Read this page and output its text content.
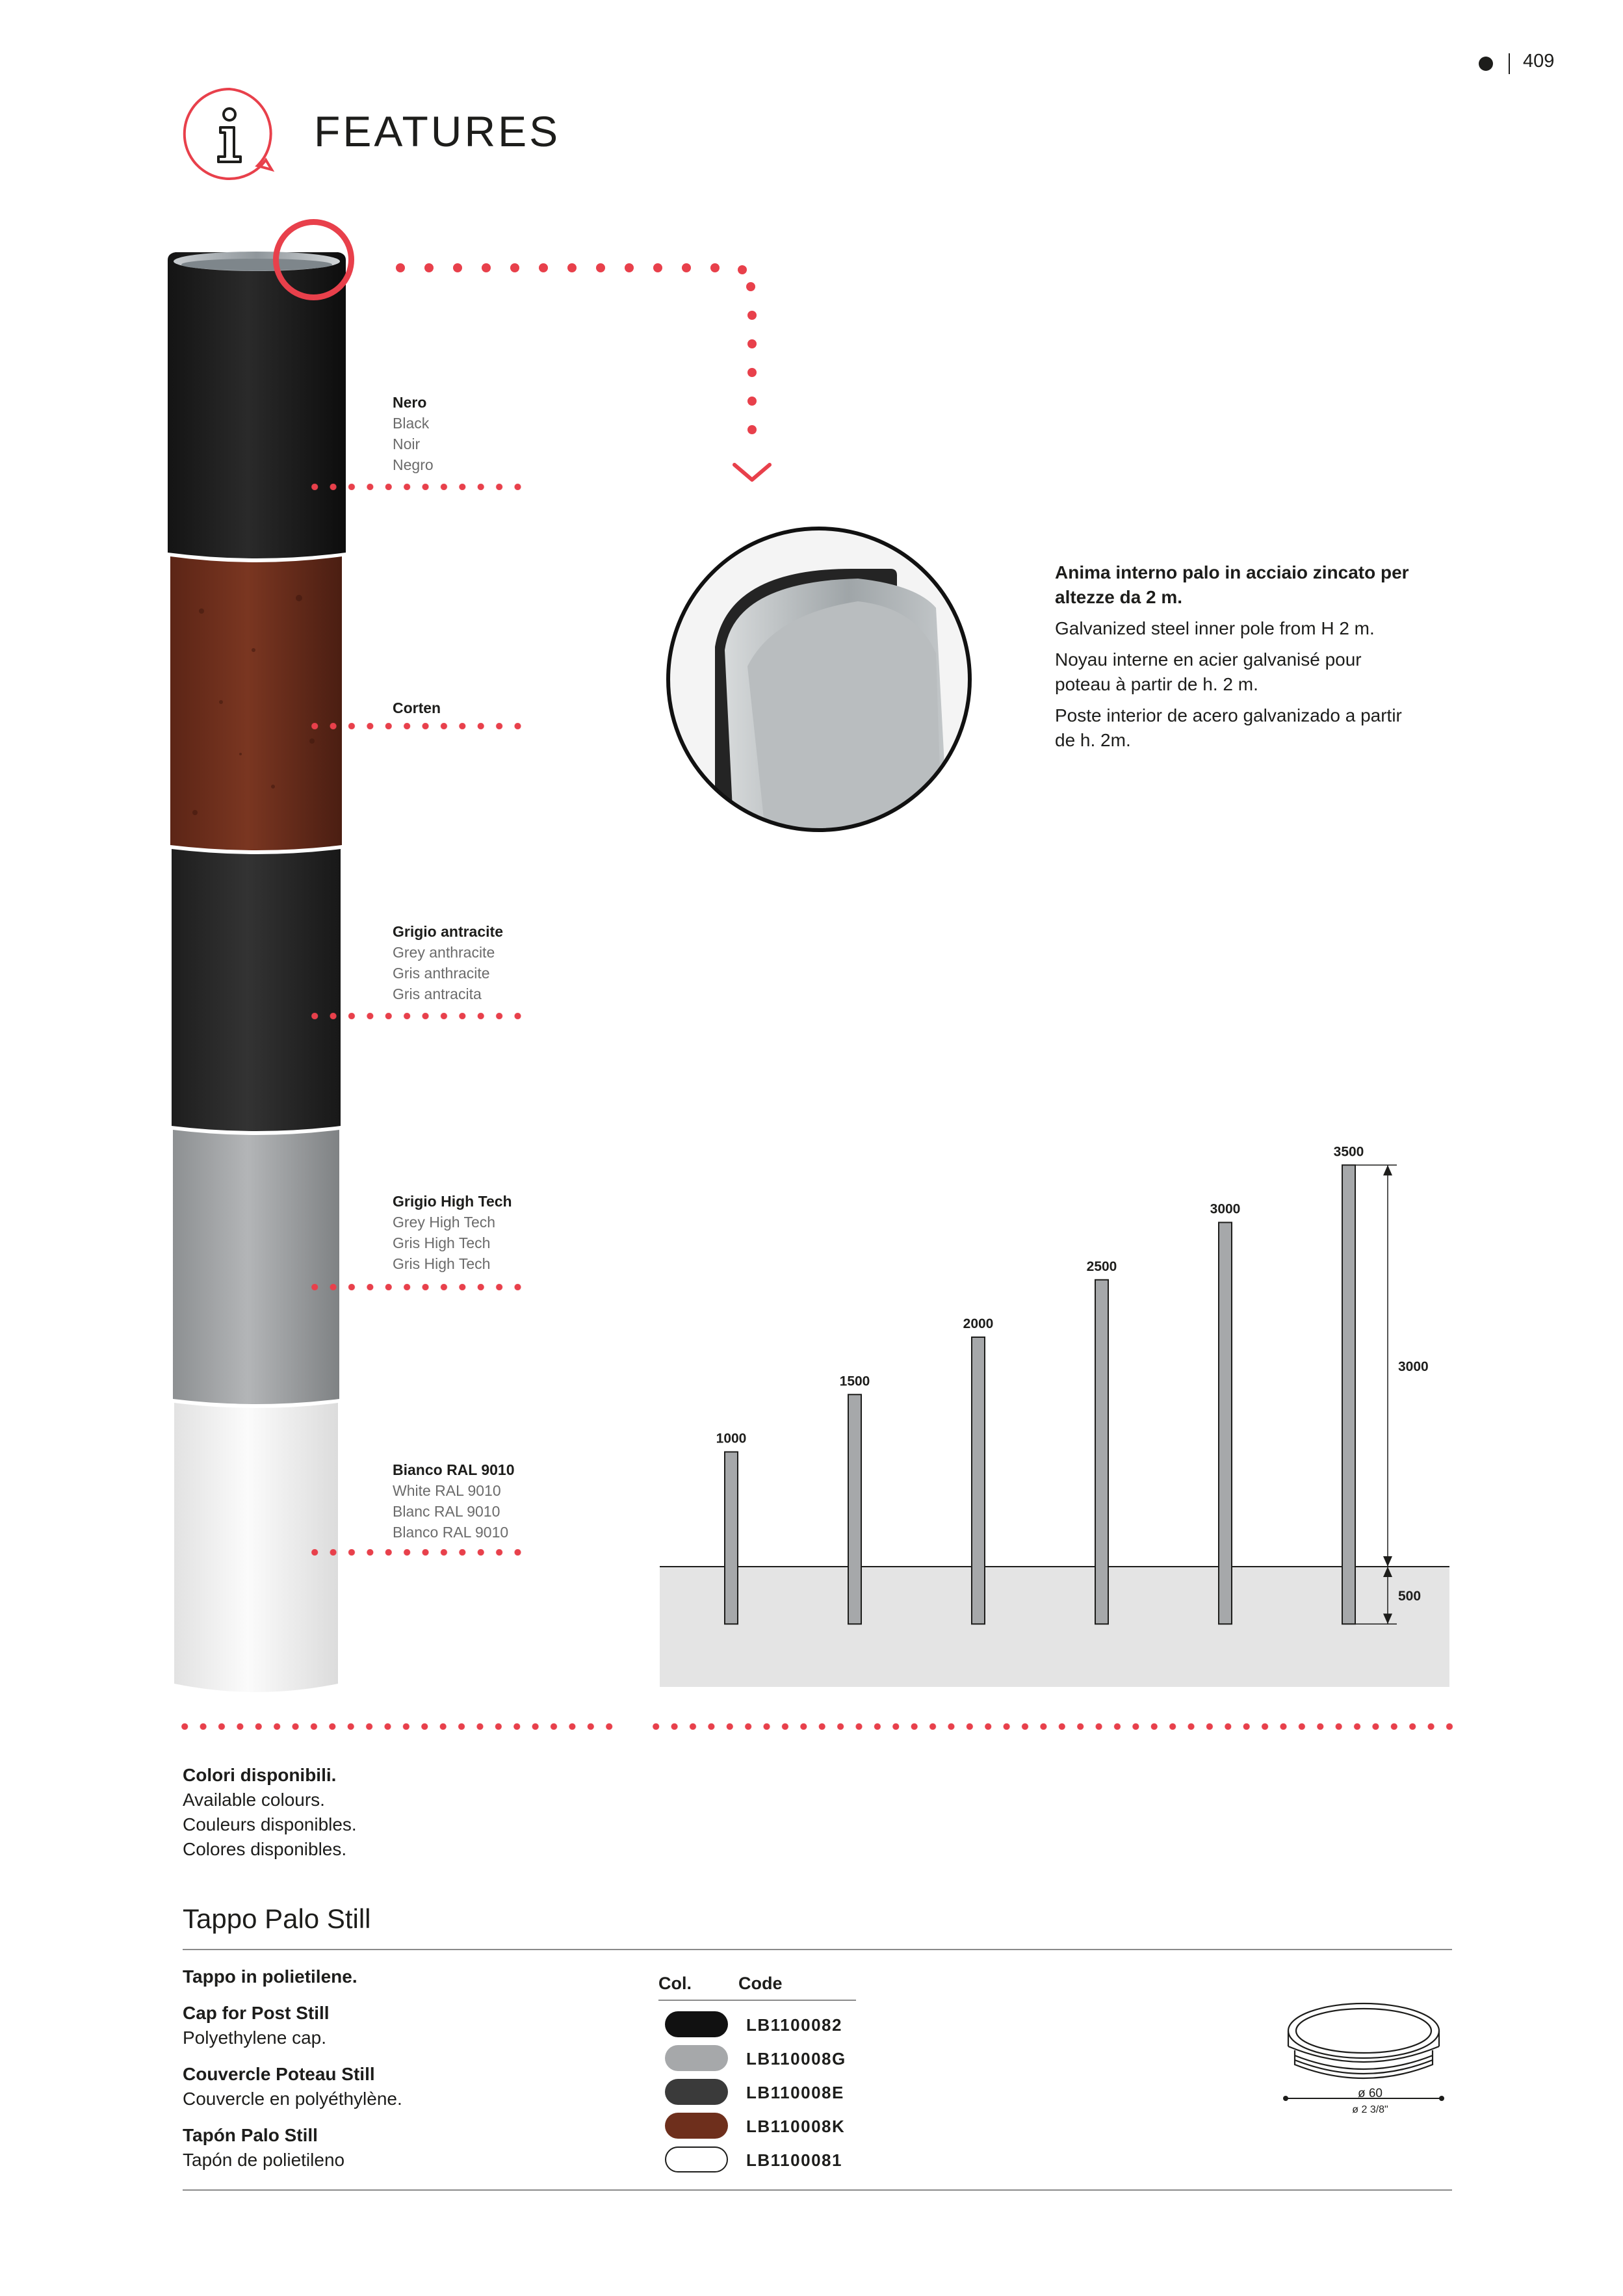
409
FEATURES
Nero
Black
Noir
Negro
Corten
Grigio antracite
Grey anthracite
Gris anthracite
Gris antracita
Grigio High Tech
Grey High Tech
Gris High Tech
Gris High Tech
Bianco RAL 9010
White RAL 9010
Blanc RAL 9010
Blanco RAL 9010
Anima interno palo in acciaio zincato per altezze da 2 m.
Galvanized steel inner pole from H 2 m.
Noyau interne en acier galvanisé pour poteau à partir de h. 2 m.
Poste interior de acero galvanizado a partir de h. 2m.
1000
1500
2000
2500
3000
3500
3000
500
Colori disponibili.
Available colours.
Couleurs disponibles.
Colores disponibles.
Tappo Palo Still
Tappo in polietilene.
Cap for Post Still
Polyethylene cap.
Couvercle Poteau Still
Couvercle en polyéthylène.
Tapón Palo Still
Tapón de polietileno
Col.	Code
LB1100082
LB110008G
LB110008E
LB110008K
LB1100081
ø 60
ø 2 3/8"
